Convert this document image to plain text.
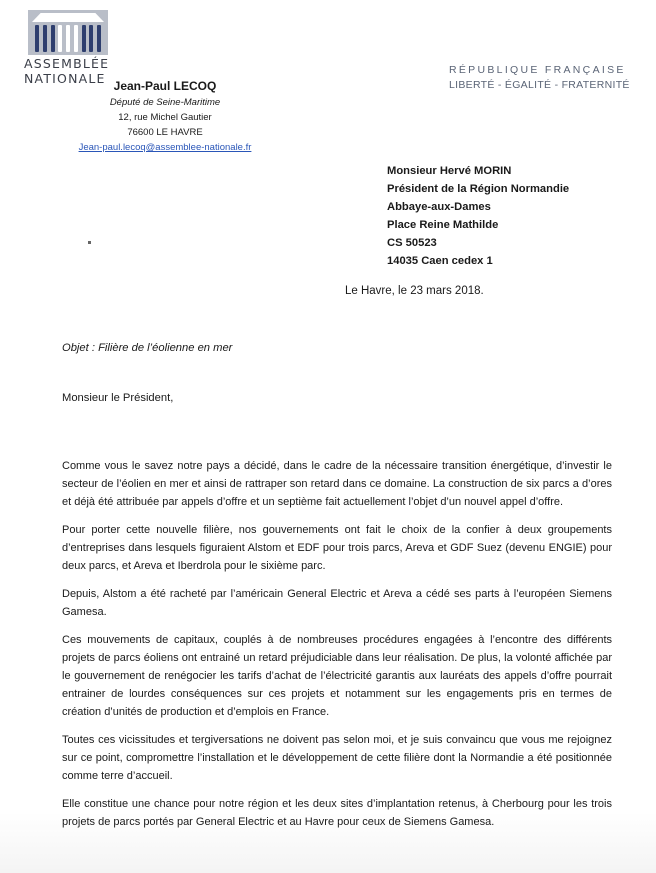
ASSEMBLÉE
NATIONALE
RÉPUBLIQUE FRANÇAISE
LIBERTÉ - ÉGALITÉ - FRATERNITÉ
Jean-Paul LECOQ
Député de Seine-Maritime
12, rue Michel Gautier
76600 LE HAVRE
Jean-paul.lecoq@assemblee-nationale.fr
Monsieur Hervé MORIN
Président de la Région Normandie
Abbaye-aux-Dames
Place Reine Mathilde
CS 50523
14035 Caen cedex 1
Le Havre, le 23 mars 2018.
Objet : Filière de l’éolienne en mer
Monsieur le Président,

Comme vous le savez notre pays a décidé, dans le cadre de la nécessaire transition énergétique, d’investir le secteur de l’éolien en mer et ainsi de rattraper son retard dans ce domaine. La construction de six parcs a d’ores et déjà été attribuée par appels d’offre et un septième fait actuellement l’objet d’un nouvel appel d’offre.

Pour porter cette nouvelle filière, nos gouvernements ont fait le choix de la confier à deux groupements d’entreprises dans lesquels figuraient Alstom et EDF pour trois parcs, Areva et GDF Suez (devenu ENGIE) pour deux parcs, et Areva et Iberdrola pour le sixième parc.

Depuis, Alstom a été racheté par l’américain General Electric et Areva a cédé ses parts à l’européen Siemens Gamesa.

Ces mouvements de capitaux, couplés à de nombreuses procédures engagées à l’encontre des différents projets de parcs éoliens ont entrainé un retard préjudiciable dans leur réalisation. De plus, la volonté affichée par le gouvernement de renégocier les tarifs d’achat de l’électricité garantis aux lauréats des appels d’offre pourrait entrainer de lourdes conséquences sur ces projets et notamment sur les engagements pris en termes de création d’unités de production et d’emplois en France.

Toutes ces vicissitudes et tergiversations ne doivent pas selon moi, et je suis convaincu que vous me rejoignez sur ce point, compromettre l’installation et le développement de cette filière dont la Normandie a été positionnée comme terre d’accueil.

Elle constitue une chance pour notre région et les deux sites d’implantation retenus, à Cherbourg pour les trois projets de parcs portés par General Electric et au Havre pour ceux de Siemens Gamesa.
